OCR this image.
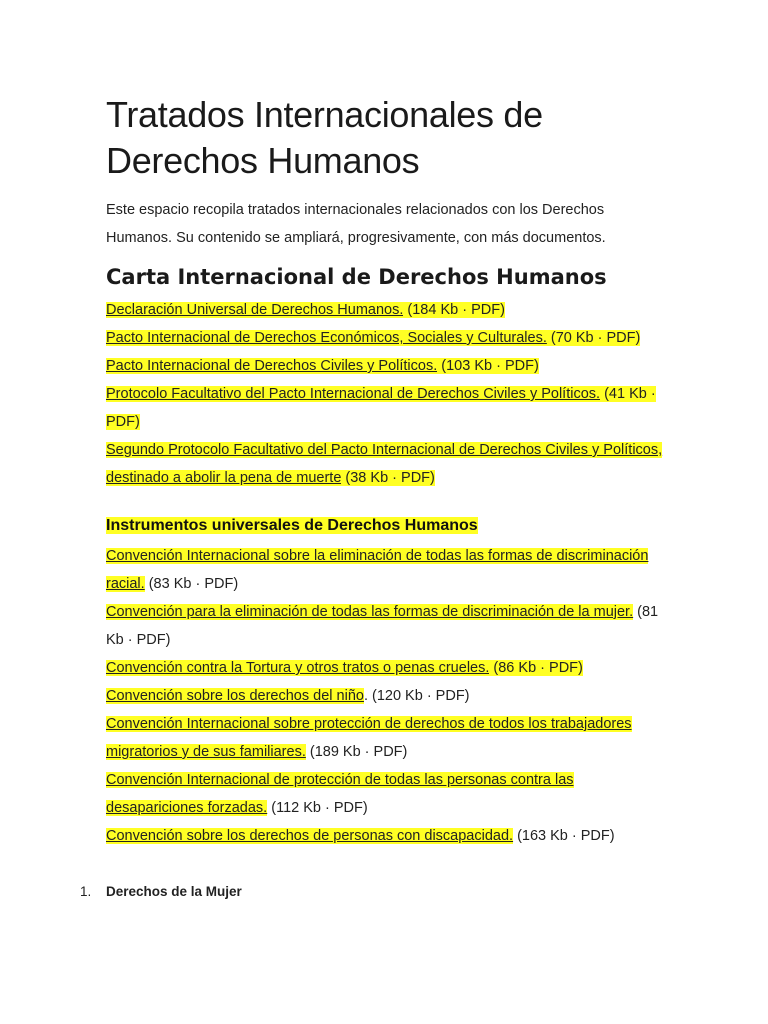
Tratados Internacionales de Derechos Humanos

Este espacio recopila tratados internacionales relacionados con los Derechos Humanos. Su contenido se ampliará, progresivamente, con más documentos.

Carta Internacional de Derechos Humanos
Declaración Universal de Derechos Humanos. (184 Kb · PDF)
Pacto Internacional de Derechos Económicos, Sociales y Culturales. (70 Kb · PDF)
Pacto Internacional de Derechos Civiles y Políticos. (103 Kb · PDF)
Protocolo Facultativo del Pacto Internacional de Derechos Civiles y Políticos. (41 Kb · PDF)
Segundo Protocolo Facultativo del Pacto Internacional de Derechos Civiles y Políticos, destinado a abolir la pena de muerte (38 Kb · PDF)
Instrumentos universales de Derechos Humanos
Convención Internacional sobre la eliminación de todas las formas de discriminación racial. (83 Kb · PDF)
Convención para la eliminación de todas las formas de discriminación de la mujer. (81 Kb · PDF)
Convención contra la Tortura y otros tratos o penas crueles. (86 Kb · PDF)
Convención sobre los derechos del niño. (120 Kb · PDF)
Convención Internacional sobre protección de derechos de todos los trabajadores migratorios y de sus familiares. (189 Kb · PDF)
Convención Internacional de protección de todas las personas contra las desapariciones forzadas. (112 Kb · PDF)
Convención sobre los derechos de personas con discapacidad. (163 Kb · PDF)
1. Derechos de la Mujer
